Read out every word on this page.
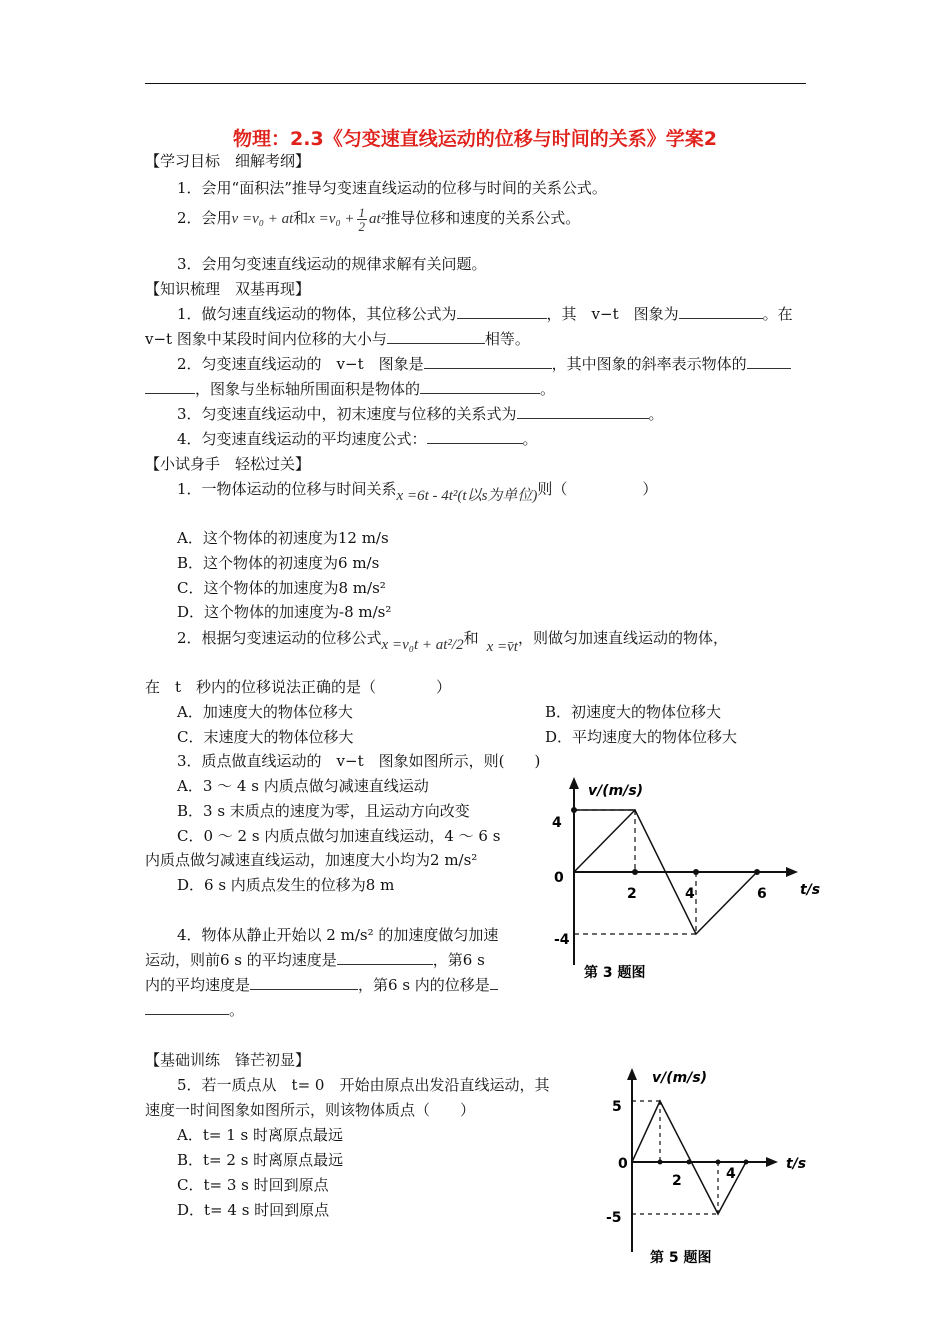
物理：2.3《匀变速直线运动的位移与时间的关系》学案2
【学习目标　细解考纲】
1．会用“面积法”推导匀变速直线运动的位移与时间的关系公式。
2．会用v =v₀ + at和$x =v_0 + \frac{1}{2} at^2$推导位移和速度的关系公式。
3．会用匀变速直线运动的规律求解有关问题。
【知识梳理　双基再现】
1．做匀速直线运动的物体，其位移公式为	，其　v−t　图象为	。在
v−t 图象中某段时间内位移的大小与	相等。
2．匀变速直线运动的　v−t　图象是	，其中图象的斜率表示物体的
，图象与坐标轴所围面积是物体的	。
3．匀变速直线运动中，初末速度与位移的关系式为	。
4．匀变速直线运动的平均速度公式：	。
【小试身手　轻松过关】
1．一物体运动的位移与时间关系x =6t - 4t²(t以s为单位)则（　　　　　）
A．这个物体的初速度为12 m/s
B．这个物体的初速度为6 m/s
C．这个物体的加速度为8 m/s²
D．这个物体的加速度为-8 m/s²
2．根据匀变速运动的位移公式x =v₀t + at²/2和 x =v̄t，则做匀加速直线运动的物体，
在　t　秒内的位移说法正确的是（　　　　）
A．加速度大的物体位移大	B．初速度大的物体位移大
C．末速度大的物体位移大	D．平均速度大的物体位移大
3．质点做直线运动的　v−t　图象如图所示，则(　　)
A．3 ～ 4 s 内质点做匀减速直线运动
B．3 s 末质点的速度为零，且运动方向改变
C．0 ～ 2 s 内质点做匀加速直线运动，4 ～ 6 s
内质点做匀减速直线运动，加速度大小均为2 m/s²
D．6 s 内质点发生的位移为8 m
v/(m/s)
4
0
-4
2	4	6 t/s
第 3 题图
4．物体从静止开始以 2 m/s² 的加速度做匀加速
运动，则前6 s 的平均速度是	，第6 s
内的平均速度是	，第6 s 内的位移是
。
【基础训练　锋芒初显】
5．若一质点从　t= 0　开始由原点出发沿直线运动，其
速度一时间图象如图所示，则该物体质点（　　）
A．t= 1 s 时离原点最远
B．t= 2 s 时离原点最远
C．t= 3 s 时回到原点
D．t= 4 s 时回到原点
v/(m/s)
5
0
-5
2	4
t/s
第 5 题图
